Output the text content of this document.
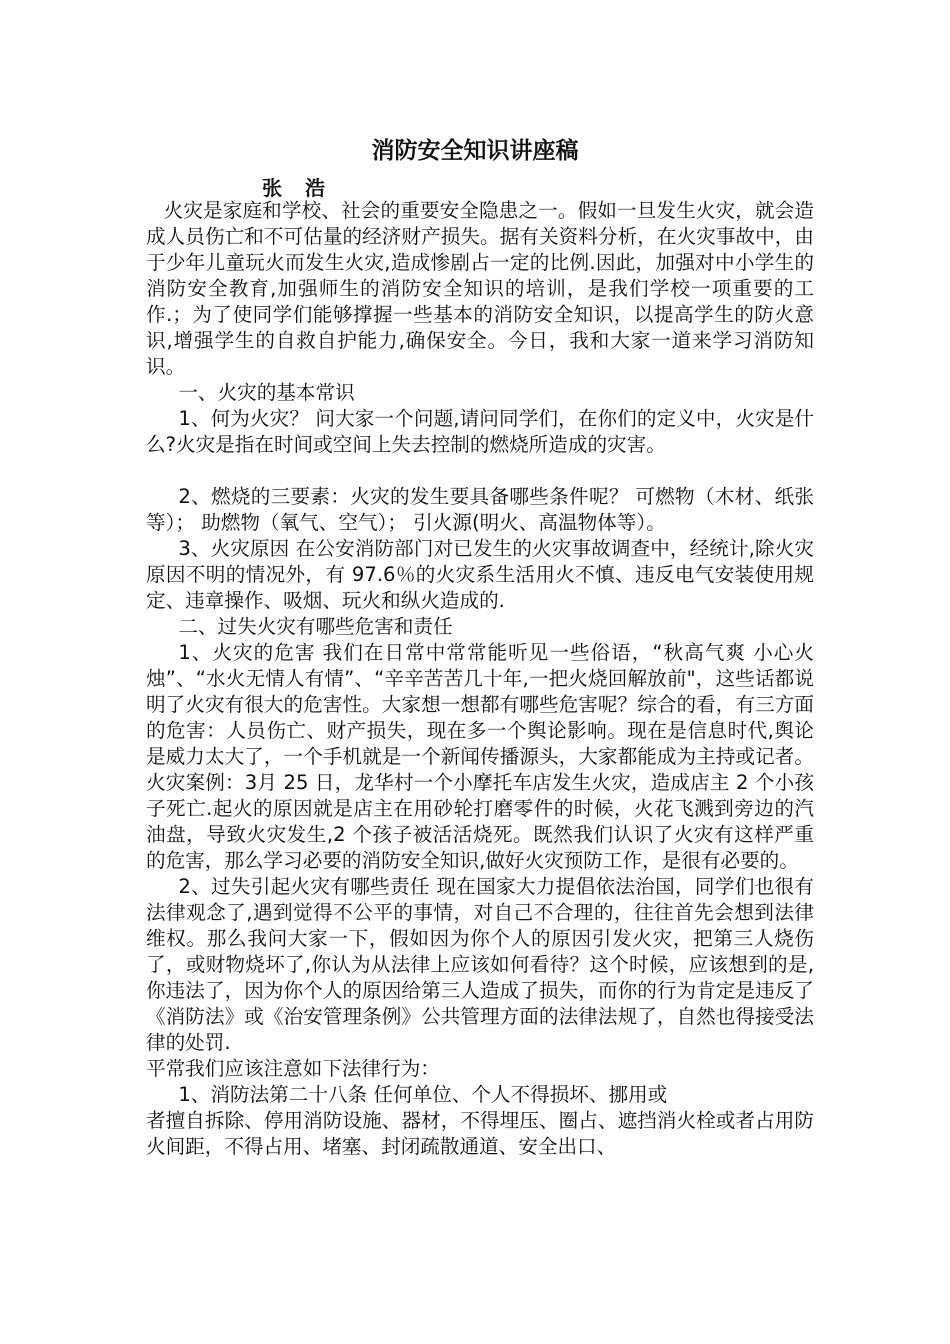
消防安全知识讲座稿
张 浩

火灾是家庭和学校、社会的重要安全隐患之一。假如一旦发生火灾，就会造成人员伤亡和不可估量的经济财产损失。据有关资料分析，在火灾事故中，由于少年儿童玩火而发生火灾,造成惨剧占一定的比例.因此，加强对中小学生的消防安全教育,加强师生的消防安全知识的培训，是我们学校一项重要的工作.；为了使同学们能够撑握一些基本的消防安全知识，以提高学生的防火意识,增强学生的自救自护能力,确保安全。今日，我和大家一道来学习消防知识。

一、火灾的基本常识

1、何为火灾？ 问大家一个问题,请问同学们，在你们的定义中，火灾是什么?火灾是指在时间或空间上失去控制的燃烧所造成的灾害。

2、燃烧的三要素：火灾的发生要具备哪些条件呢？ 可燃物（木材、纸张等）； 助燃物（氧气、空气）； 引火源(明火、高温物体等）。

3、火灾原因 在公安消防部门对已发生的火灾事故调查中，经统计,除火灾原因不明的情况外，有 97.6％的火灾系生活用火不慎、违反电气安装使用规定、违章操作、吸烟、玩火和纵火造成的.

二、过失火灾有哪些危害和责任

1、火灾的危害 我们在日常中常常能听见一些俗语，“秋高气爽 小心火烛”、“水火无情人有情”、“辛辛苦苦几十年,一把火烧回解放前"，这些话都说明了火灾有很大的危害性。大家想一想都有哪些危害呢？综合的看，有三方面的危害：人员伤亡、财产损失，现在多一个舆论影响。现在是信息时代,舆论是威力太大了，一个手机就是一个新闻传播源头，大家都能成为主持或记者。火灾案例：3月 25 日，龙华村一个小摩托车店发生火灾，造成店主 2 个小孩子死亡.起火的原因就是店主在用砂轮打磨零件的时候，火花飞溅到旁边的汽油盘，导致火灾发生,2 个孩子被活活烧死。既然我们认识了火灾有这样严重的危害，那么学习必要的消防安全知识,做好火灾预防工作，是很有必要的。

2、过失引起火灾有哪些责任 现在国家大力提倡依法治国，同学们也很有法律观念了,遇到觉得不公平的事情，对自己不合理的，往往首先会想到法律维权。那么我问大家一下，假如因为你个人的原因引发火灾，把第三人烧伤了，或财物烧坏了,你认为从法律上应该如何看待？这个时候，应该想到的是,你违法了，因为你个人的原因给第三人造成了损失，而你的行为肯定是违反了《消防法》或《治安管理条例》公共管理方面的法律法规了，自然也得接受法律的处罚.

平常我们应该注意如下法律行为：

1、消防法第二十八条 任何单位、个人不得损坏、挪用或

者擅自拆除、停用消防设施、器材，不得埋压、圈占、遮挡消火栓或者占用防火间距，不得占用、堵塞、封闭疏散通道、安全出口、
